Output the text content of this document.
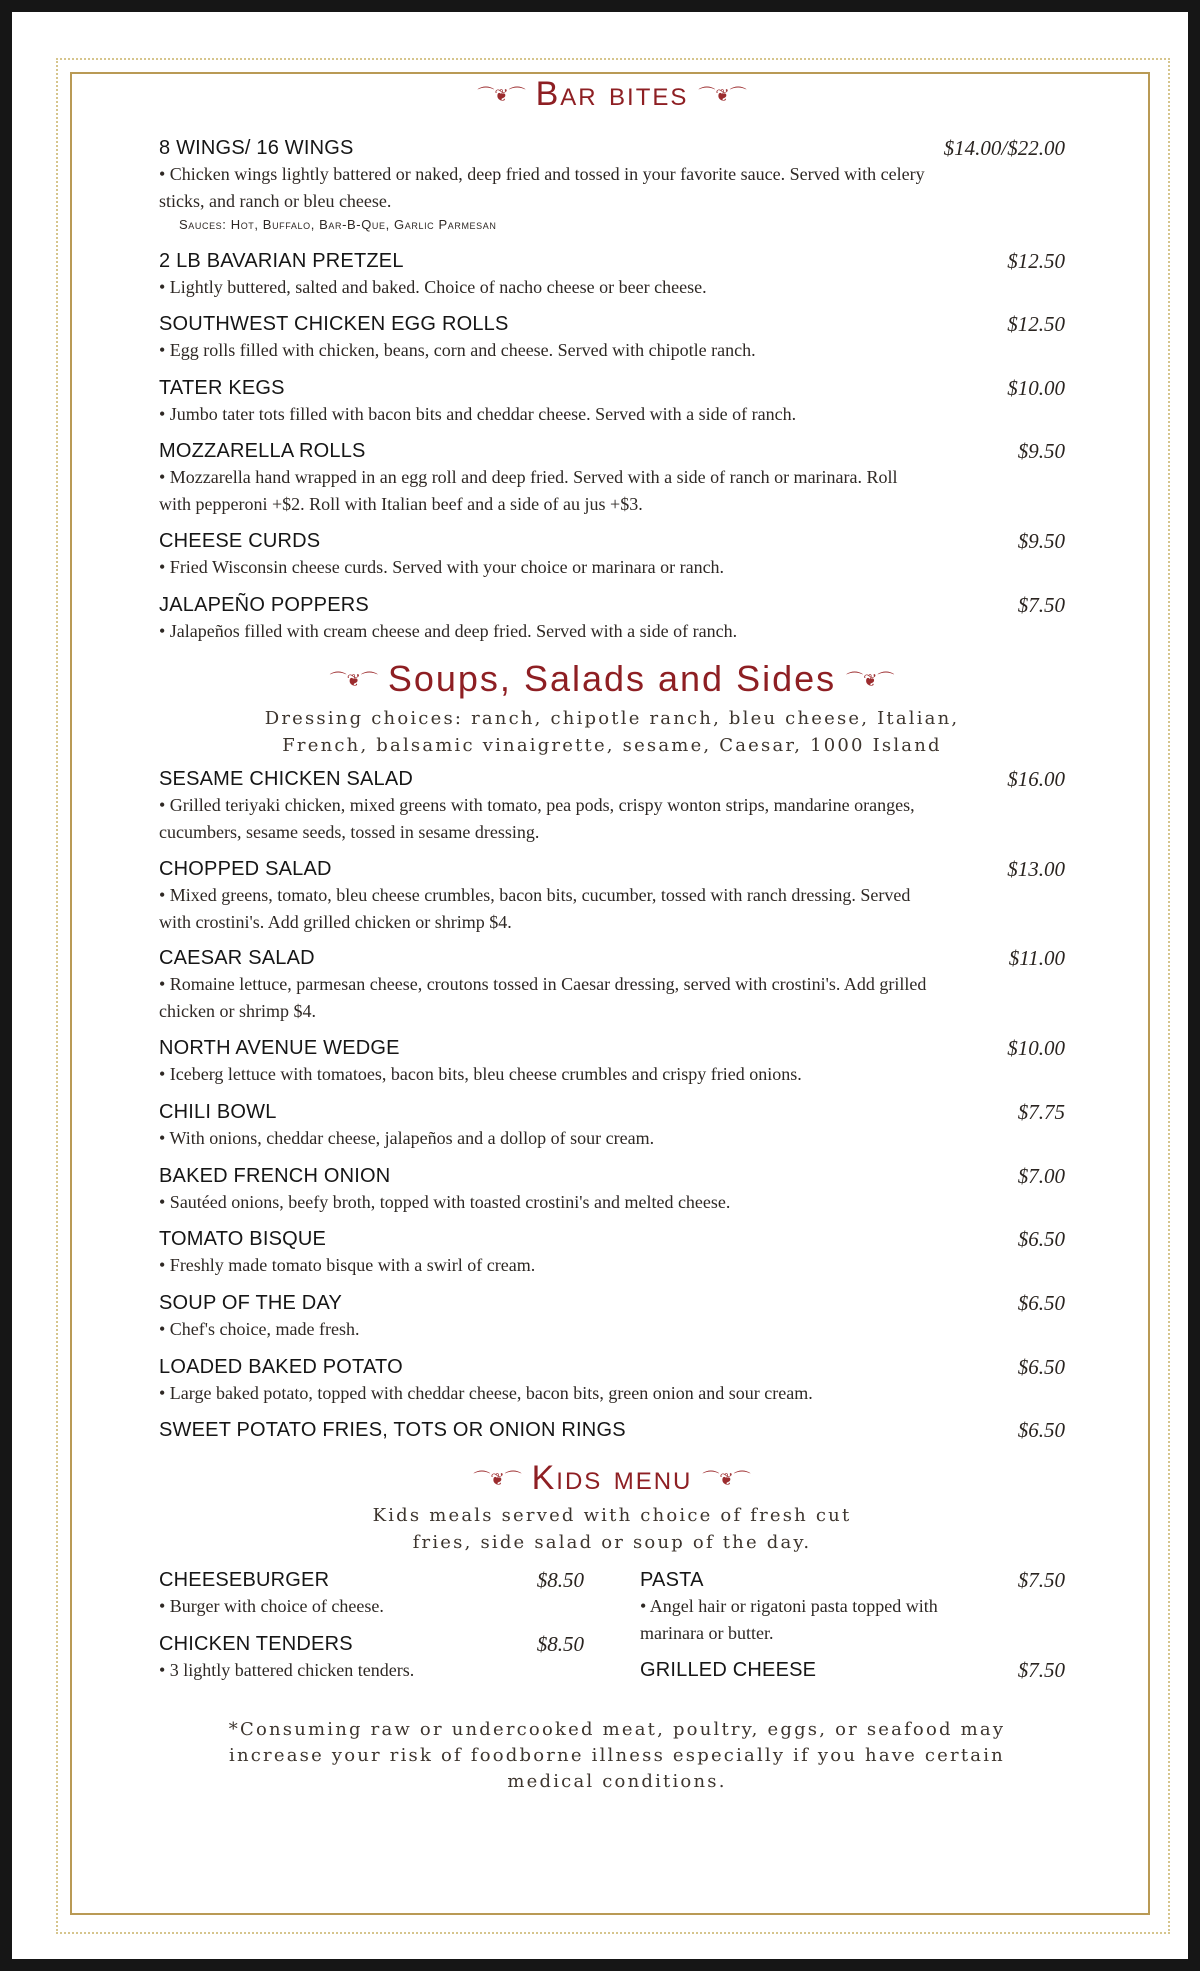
⌒❦⌒ Bar bites ⌒❦⌒
8 WINGS/ 16 WINGS	$14.00/$22.00
• Chicken wings lightly battered or naked, deep fried and tossed in your favorite sauce. Served with celery sticks, and ranch or bleu cheese.
Sauces: Hot, Buffalo, Bar-B-Que, Garlic Parmesan
2 LB BAVARIAN PRETZEL	$12.50
• Lightly buttered, salted and baked. Choice of nacho cheese or beer cheese.
SOUTHWEST CHICKEN EGG ROLLS	$12.50
• Egg rolls filled with chicken, beans, corn and cheese. Served with chipotle ranch.
TATER KEGS	$10.00
• Jumbo tater tots filled with bacon bits and cheddar cheese. Served with a side of ranch.
MOZZARELLA ROLLS	$9.50
• Mozzarella hand wrapped in an egg roll and deep fried. Served with a side of ranch or marinara. Roll with pepperoni +$2. Roll with Italian beef and a side of au jus +$3.
CHEESE CURDS	$9.50
• Fried Wisconsin cheese curds. Served with your choice or marinara or ranch.
JALAPEÑO POPPERS	$7.50
• Jalapeños filled with cream cheese and deep fried. Served with a side of ranch.
⌒❦⌒ Soups, Salads and Sides ⌒❦⌒
Dressing choices: ranch, chipotle ranch, bleu cheese, Italian, French, balsamic vinaigrette, sesame, Caesar, 1000 Island
SESAME CHICKEN SALAD	$16.00
• Grilled teriyaki chicken, mixed greens with tomato, pea pods, crispy wonton strips, mandarine oranges, cucumbers, sesame seeds, tossed in sesame dressing.
CHOPPED SALAD	$13.00
• Mixed greens, tomato, bleu cheese crumbles, bacon bits, cucumber, tossed with ranch dressing. Served with crostini's. Add grilled chicken or shrimp $4.
CAESAR SALAD	$11.00
• Romaine lettuce, parmesan cheese, croutons tossed in Caesar dressing, served with crostini's. Add grilled chicken or shrimp $4.
NORTH AVENUE WEDGE	$10.00
• Iceberg lettuce with tomatoes, bacon bits, bleu cheese crumbles and crispy fried onions.
CHILI BOWL	$7.75
• With onions, cheddar cheese, jalapeños and a dollop of sour cream.
BAKED FRENCH ONION	$7.00
• Sautéed onions, beefy broth, topped with toasted crostini's and melted cheese.
TOMATO BISQUE	$6.50
• Freshly made tomato bisque with a swirl of cream.
SOUP OF THE DAY	$6.50
• Chef's choice, made fresh.
LOADED BAKED POTATO	$6.50
• Large baked potato, topped with cheddar cheese, bacon bits, green onion and sour cream.
SWEET POTATO FRIES, TOTS OR ONION RINGS	$6.50
⌒❦⌒ Kids menu ⌒❦⌒
Kids meals served with choice of fresh cut fries, side salad or soup of the day.
CHEESEBURGER	$8.50
• Burger with choice of cheese.
CHICKEN TENDERS	$8.50
• 3 lightly battered chicken tenders.
PASTA	$7.50
• Angel hair or rigatoni pasta topped with marinara or butter.
GRILLED CHEESE	$7.50
*Consuming raw or undercooked meat, poultry, eggs, or seafood may increase your risk of foodborne illness especially if you have certain medical conditions.
